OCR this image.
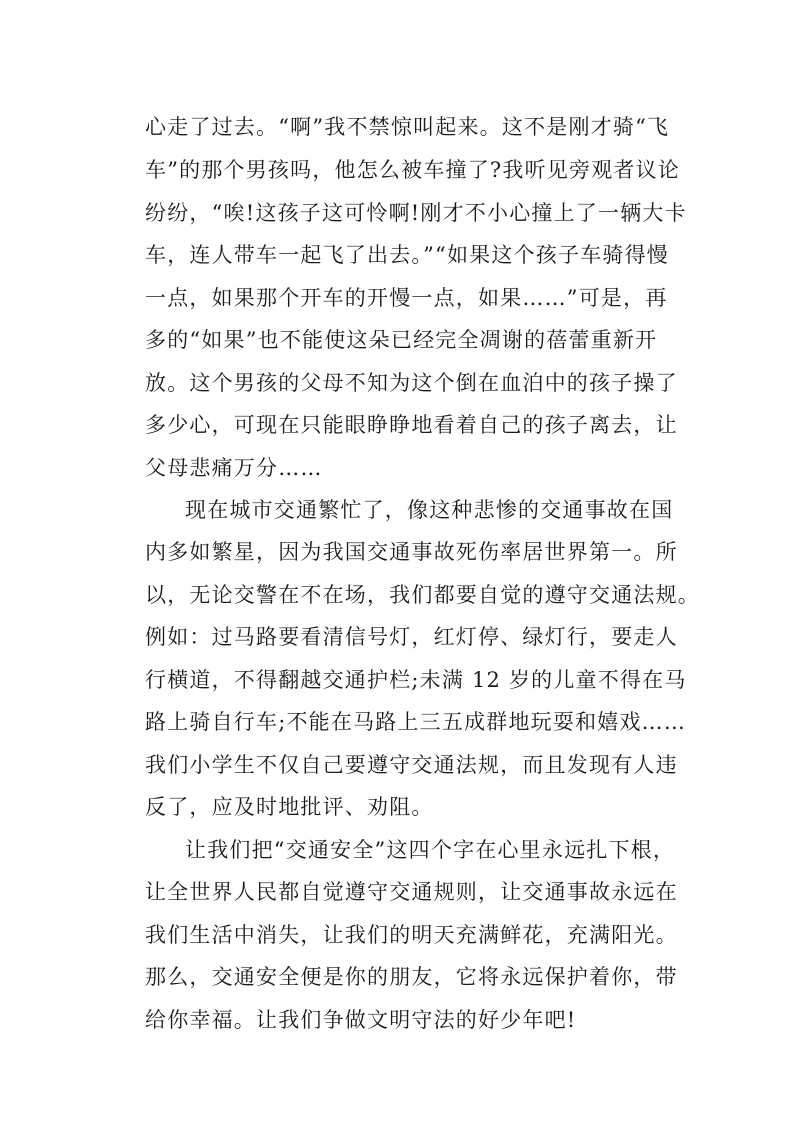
心走了过去。“啊”我不禁惊叫起来。这不是刚才骑“飞
车”的那个男孩吗，他怎么被车撞了?我听见旁观者议论
纷纷，“唉!这孩子这可怜啊!刚才不小心撞上了一辆大卡
车，连人带车一起飞了出去。”“如果这个孩子车骑得慢
一点，如果那个开车的开慢一点，如果……”可是，再
多的“如果”也不能使这朵已经完全凋谢的蓓蕾重新开
放。这个男孩的父母不知为这个倒在血泊中的孩子操了
多少心，可现在只能眼睁睁地看着自己的孩子离去，让
父母悲痛万分……
现在城市交通繁忙了，像这种悲惨的交通事故在国
内多如繁星，因为我国交通事故死伤率居世界第一。所
以，无论交警在不在场，我们都要自觉的遵守交通法规。
例如：过马路要看清信号灯，红灯停、绿灯行，要走人
行横道，不得翻越交通护栏;未满 12 岁的儿童不得在马
路上骑自行车;不能在马路上三五成群地玩耍和嬉戏……
我们小学生不仅自己要遵守交通法规，而且发现有人违
反了，应及时地批评、劝阻。
让我们把“交通安全”这四个字在心里永远扎下根，
让全世界人民都自觉遵守交通规则，让交通事故永远在
我们生活中消失，让我们的明天充满鲜花，充满阳光。
那么，交通安全便是你的朋友，它将永远保护着你，带
给你幸福。让我们争做文明守法的好少年吧!
